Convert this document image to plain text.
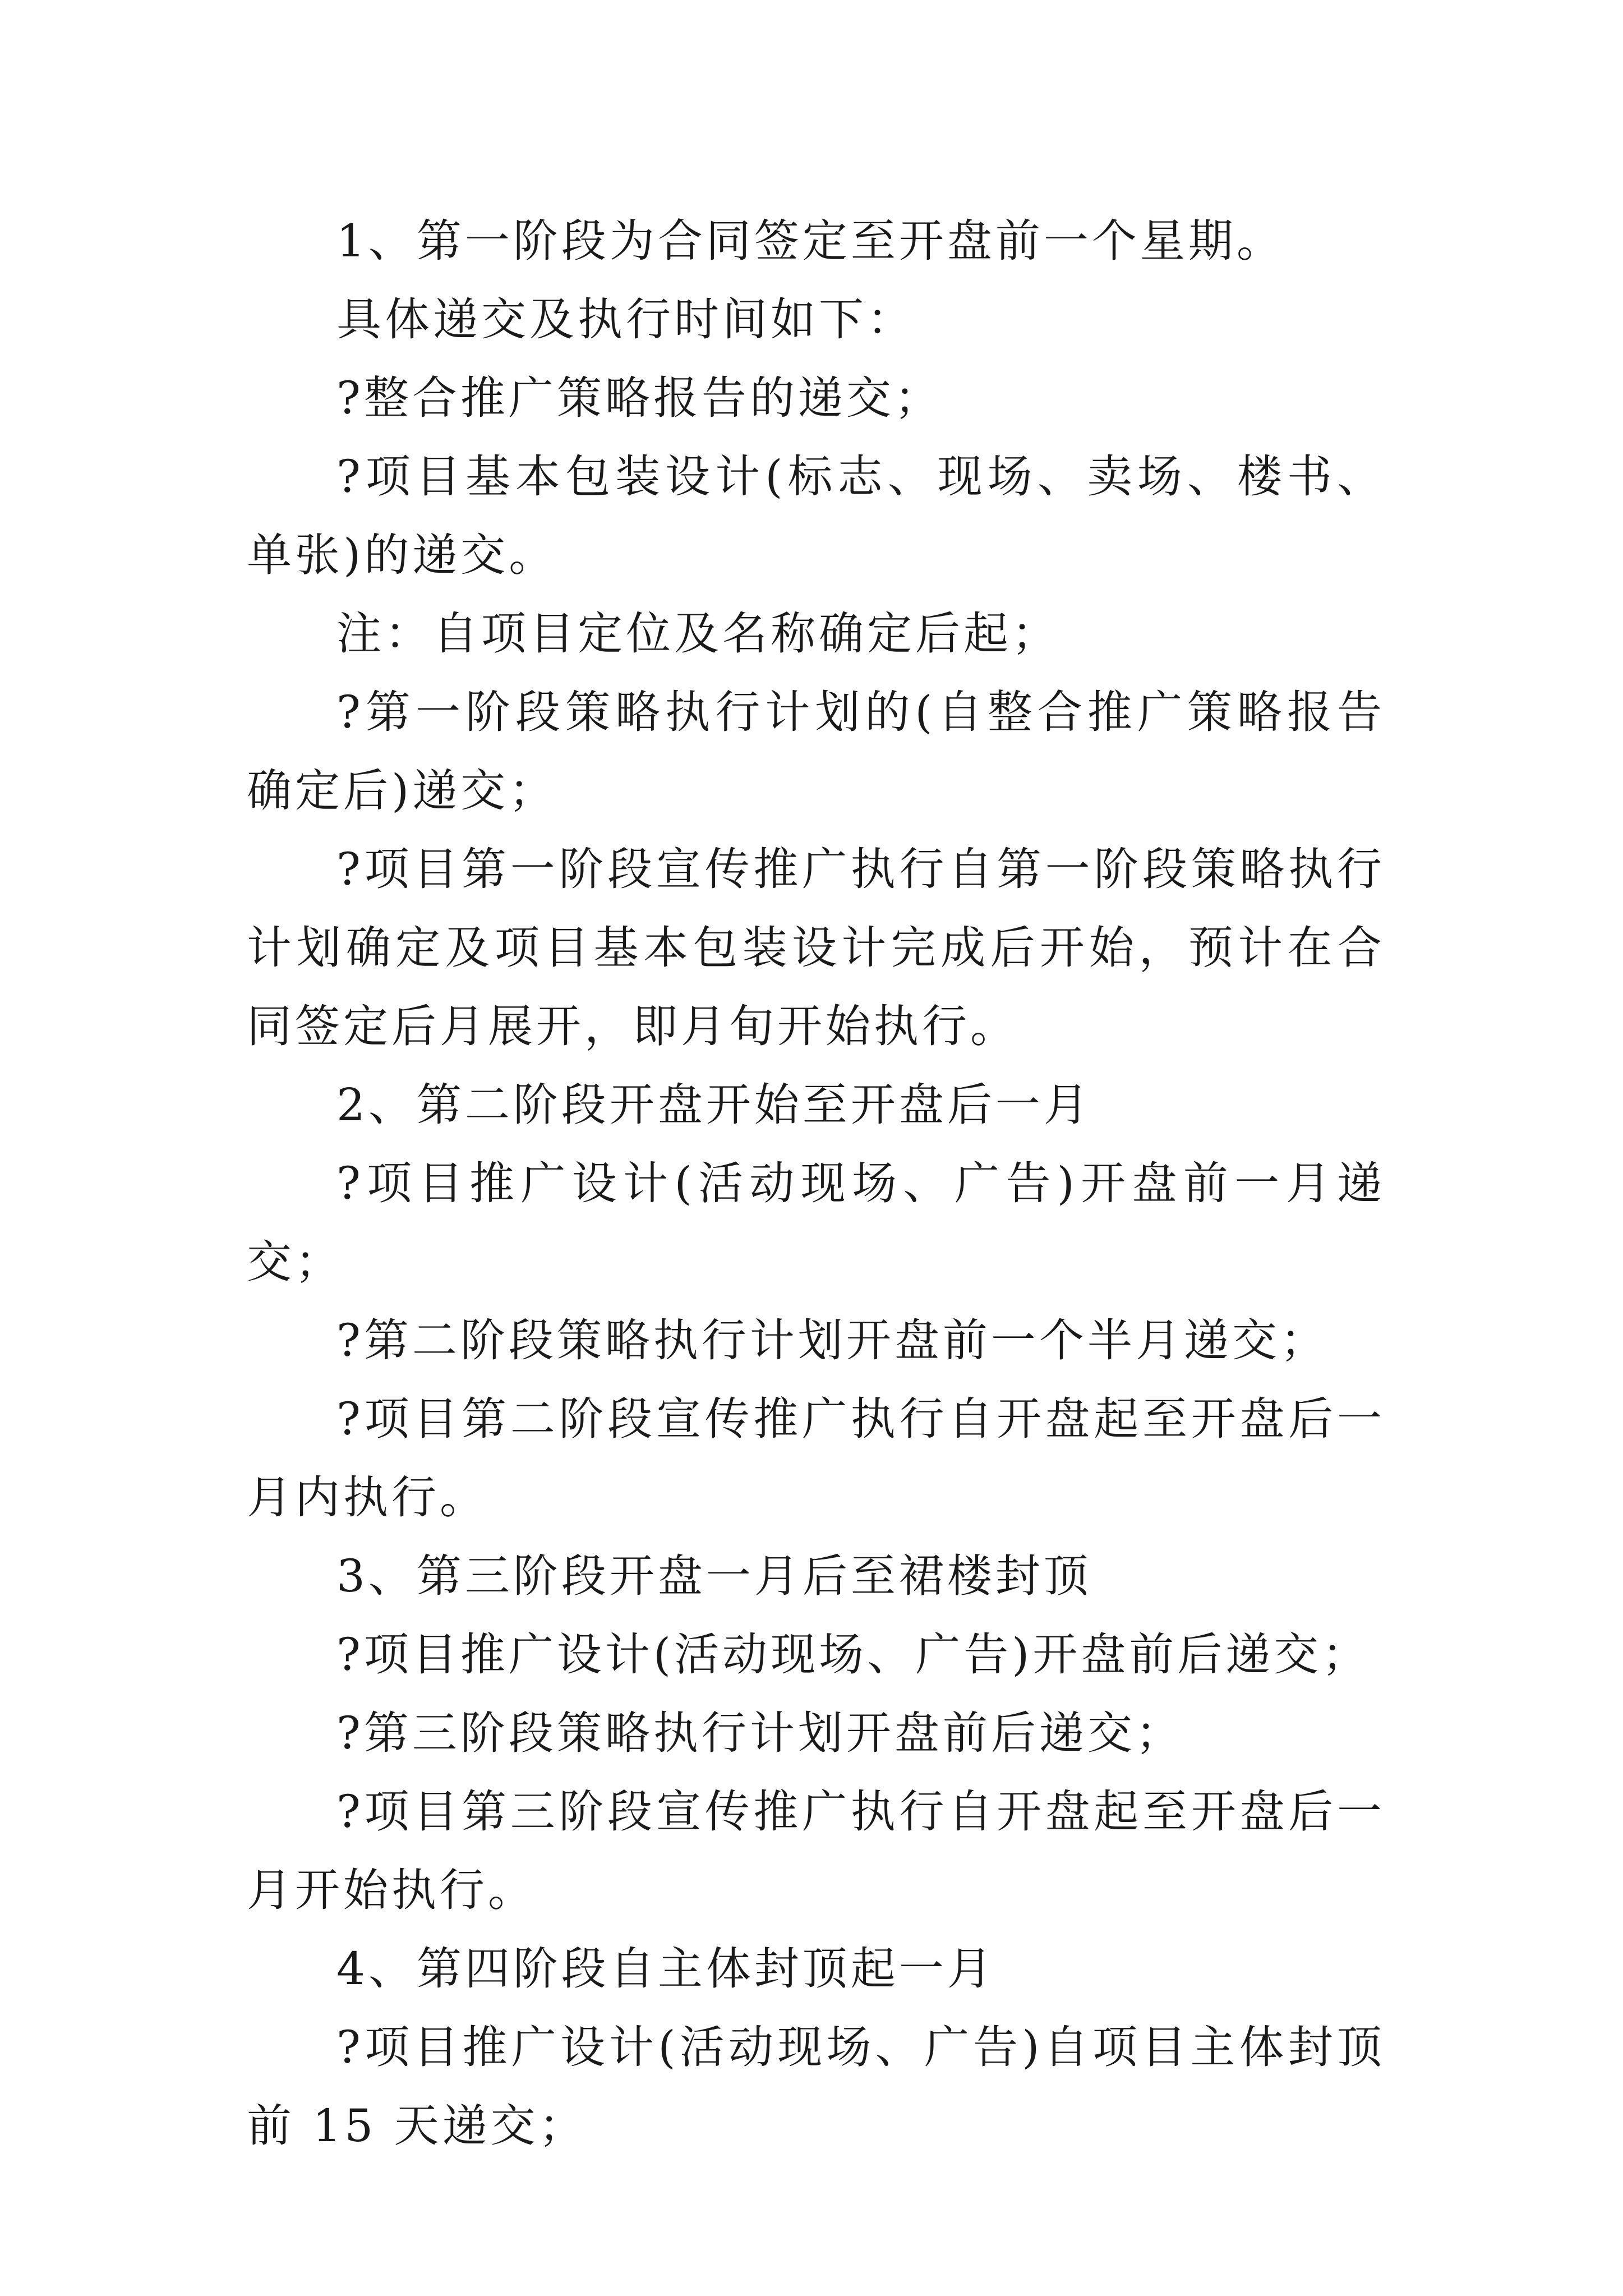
1、第一阶段为合同签定至开盘前一个星期。

具体递交及执行时间如下：

?整合推广策略报告的递交；

?项目基本包装设计(标志、现场、卖场、楼书、单张)的递交。

注：自项目定位及名称确定后起；

?第一阶段策略执行计划的(自整合推广策略报告确定后)递交；

?项目第一阶段宣传推广执行自第一阶段策略执行计划确定及项目基本包装设计完成后开始，预计在合同签定后月展开，即月旬开始执行。

2、第二阶段开盘开始至开盘后一月

?项目推广设计(活动现场、广告)开盘前一月递交；

?第二阶段策略执行计划开盘前一个半月递交；

?项目第二阶段宣传推广执行自开盘起至开盘后一月内执行。

3、第三阶段开盘一月后至裙楼封顶

?项目推广设计(活动现场、广告)开盘前后递交；

?第三阶段策略执行计划开盘前后递交；

?项目第三阶段宣传推广执行自开盘起至开盘后一月开始执行。

4、第四阶段自主体封顶起一月

?项目推广设计(活动现场、广告)自项目主体封顶前 15 天递交；
